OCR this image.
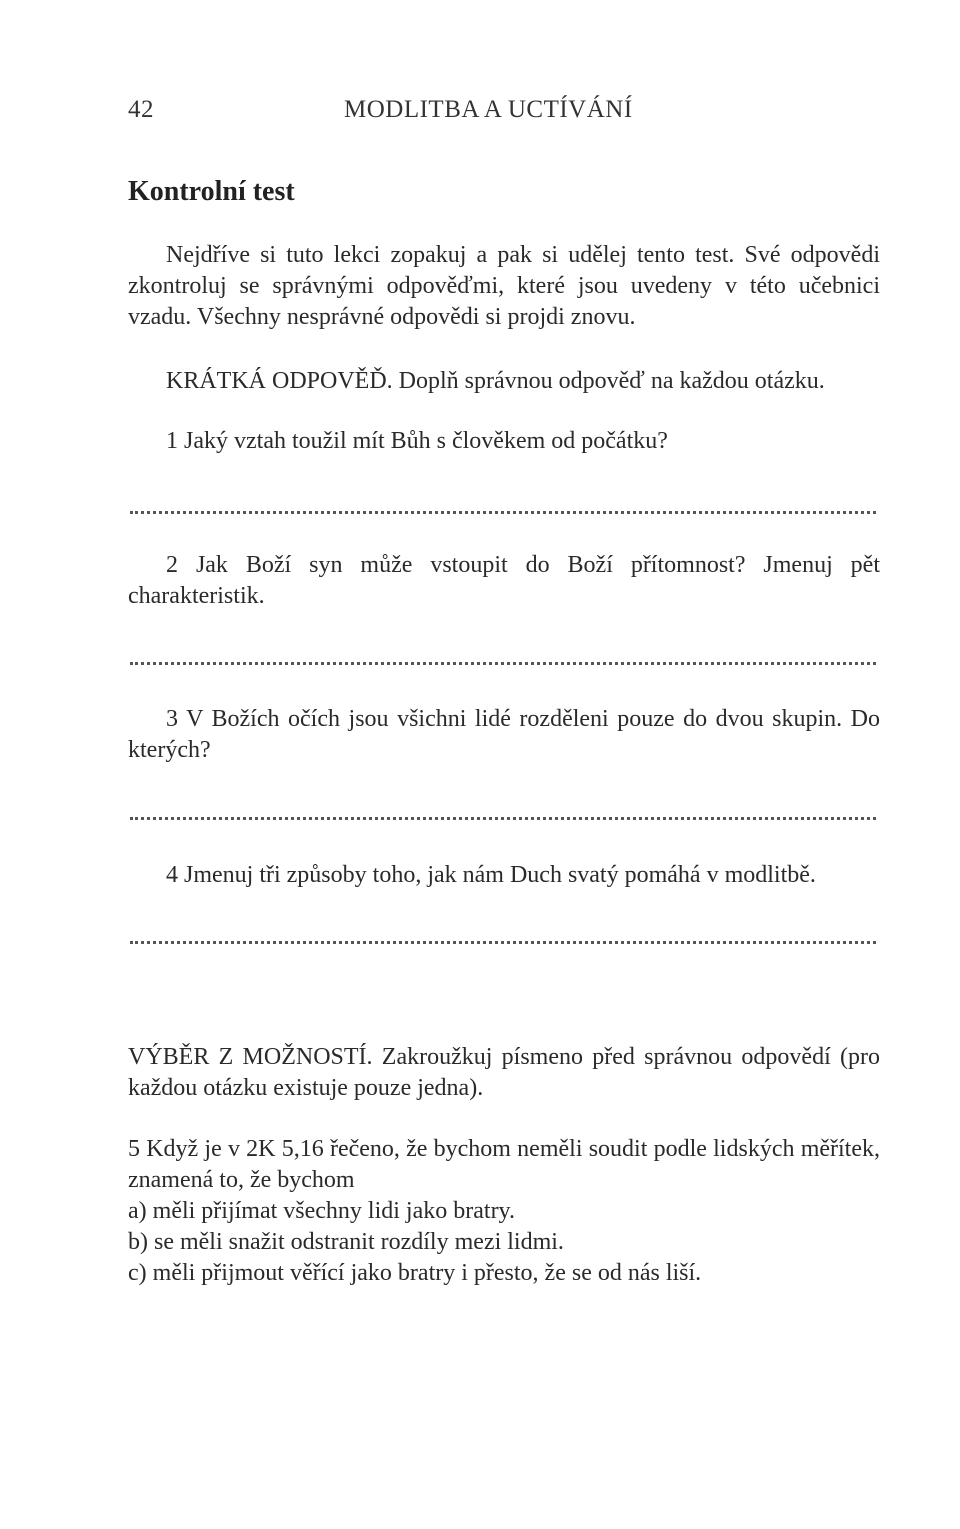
42	MODLITBA A UCTÍVÁNÍ
Kontrolní test

Nejdříve si tuto lekci zopakuj a pak si udělej tento test. Své odpovědi zkontroluj se správnými odpověďmi, které jsou uvedeny v této učebnici vzadu. Všechny nesprávné odpovědi si projdi znovu.

KRÁTKÁ ODPOVĚĎ. Doplň správnou odpověď na každou otázku.

1 Jaký vztah toužil mít Bůh s člověkem od počátku?

2 Jak Boží syn může vstoupit do Boží přítomnost? Jmenuj pět charakteristik.

3 V Božích očích jsou všichni lidé rozděleni pouze do dvou skupin. Do kterých?

4 Jmenuj tři způsoby toho, jak nám Duch svatý pomáhá v modlitbě.

VÝBĚR Z MOŽNOSTÍ. Zakroužkuj písmeno před správnou odpovědí (pro každou otázku existuje pouze jedna).

5 Když je v 2K 5,16 řečeno, že bychom neměli soudit podle lidských měřítek, znamená to, že bychom
a) měli přijímat všechny lidi jako bratry.
b) se měli snažit odstranit rozdíly mezi lidmi.
c) měli přijmout věřící jako bratry i přesto, že se od nás liší.
